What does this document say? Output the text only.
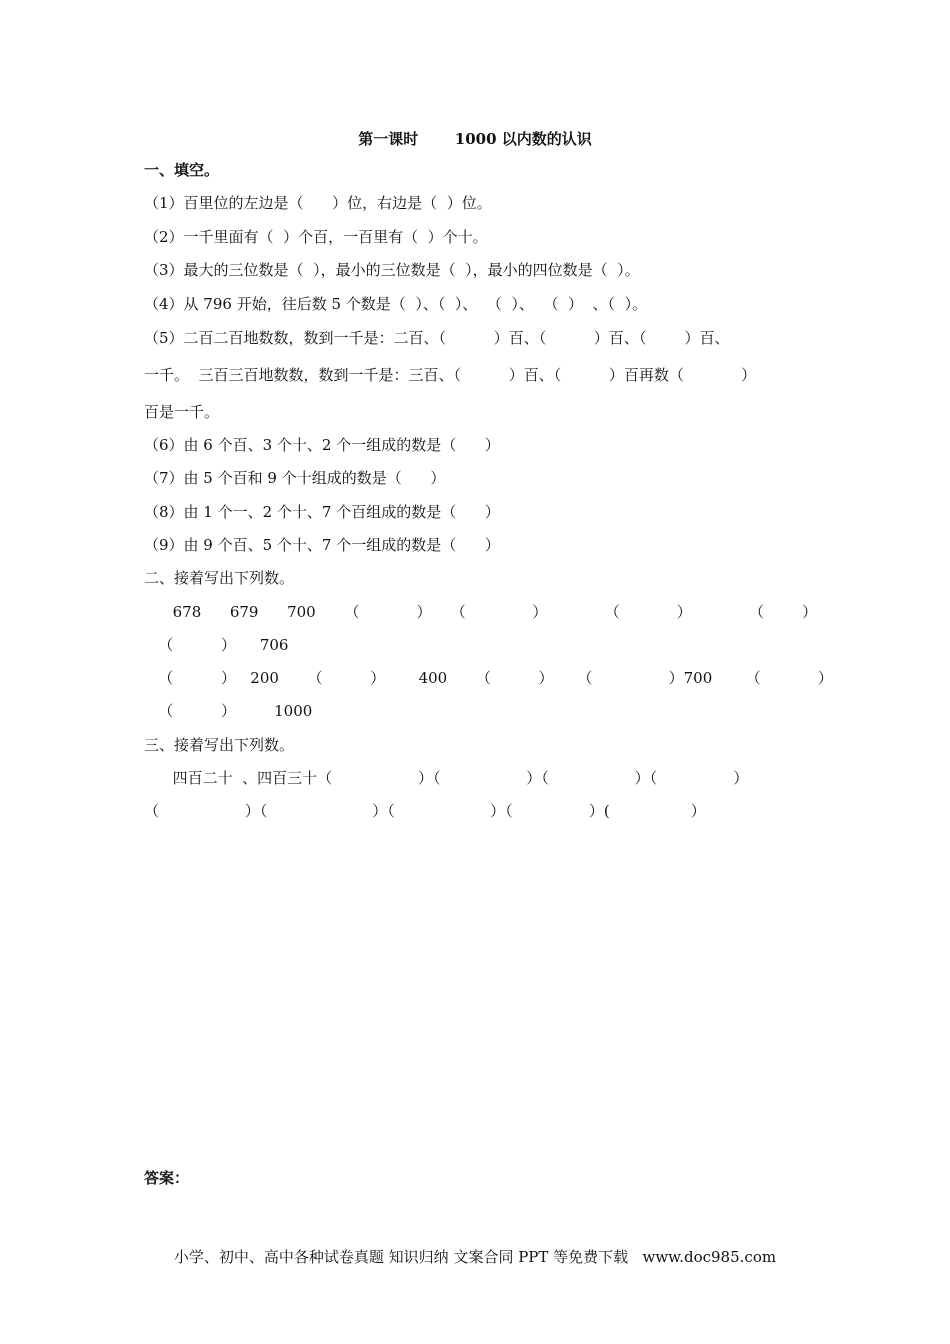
第一课时       1000 以内数的认识
一、填空。
（1）百里位的左边是（      ）位，右边是（  ）位。
（2）一千里面有（  ）个百，一百里有（  ）个十。
（3）最大的三位数是（  ），最小的三位数是（  ），最小的四位数是（  ）。
（4）从 796 开始，往后数 5 个数是（  ）、（  ）、  （  ）、  （  ）  、（  ）。
（5）二百二百地数数，数到一千是：二百、（          ）百、（          ）百、（        ）百、
一千。  三百三百地数数，数到一千是：三百、（          ）百、（          ）百再数（            ）
百是一千。
（6）由 6 个百、3 个十、2 个一组成的数是（      ）
（7）由 5 个百和 9 个十组成的数是（      ）
（8）由 1 个一、2 个十、7 个百组成的数是（      ）
（9）由 9 个百、5 个十、7 个一组成的数是（      ）
二、接着写出下列数。
678      679      700      （            ）    （              ）            （            ）            （        ）
（          ）     706
（          ）   200      （          ）       400      （          ）     （                ）700       （            ）
（          ）        1000
三、接着写出下列数。
四百二十  、四百三十（                  ）（                  ）（                  ）（                ）
（                  ）（                      ）（                    ）（                ）(                 ）
答案：
小学、初中、高中各种试卷真题 知识归纳 文案合同 PPT 等免费下载   www.doc985.com
